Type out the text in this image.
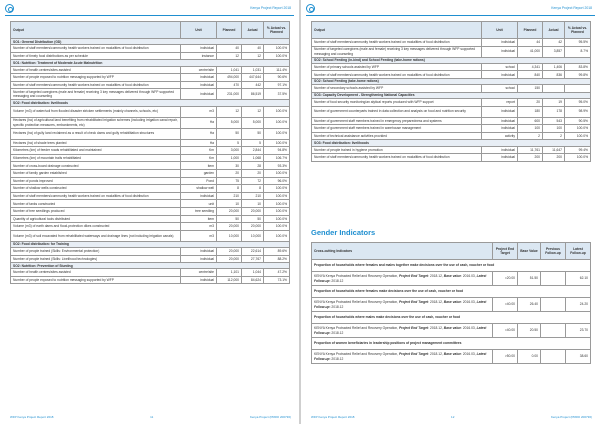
Kenya Project Report 2018
Output	Unit	Planned	Actual	% Actual vs. Planned
SO1: General Distribution (GD)				
Number of staff members/community health workers trained on modalities of food distribution	individual	40	40	100.0%
Number of timely food distributions as per schedule	instance	12	12	100.0%
SO1: Nutrition: Treatment of Moderate Acute Malnutrition				
Number of health centres/sites assisted	centre/site	1,041	1,031	111.4%
Number of people exposed to nutrition messaging supported by WFP	individual	494,000	447,644	90.6%
Number of staff members/community health workers trained on modalities of food distribution	individual	470	442	97.1%
Number of targeted caregivers (male and female) receiving 3 key messages delivered through WFP supported messaging and counseling	individual	231,000	86,519	37.5%
SO2: Food distribution: livelihoods				
Volume (m3) of water/soil from flooded disaster stricken settlements (mainly channels, schools, etc)	m3	12	12	100.0%
Hectares (ha) of agricultural land benefiting from rehabilitated irrigation schemes (including irrigation canal repair, specific protection measures, embankments, etc)	Ha	5,000	5,000	100.0%
Hectares (ha) of gully land reclaimed as a result of check dams and gully rehabilitation structures	Ha	50	50	100.0%
Hectares (ha) of shade trees planted	Ha	5	5	100.0%
Kilometres (km) of feeder roads rehabilitated and maintained	Km	3,000	2,844	94.8%
Kilometres (km) of mountain trails rehabilitated	Km	1,000	1,068	106.7%
Number of cross-board drainage constructed	item	30	28	93.3%
Number of family garden established	garden	20	20	100.0%
Number of ponds improved	Pond	75	72	96.0%
Number of shallow wells constructed	shallow well	8	8	100.0%
Number of staff members/community health workers trained on modalities of food distribution	individual	210	210	100.0%
Number of tanks constructed	unit	10	10	100.0%
Number of tree seedlings produced	tree seedling	20,000	20,000	100.0%
Quantity of agricultural tools distributed	item	50	50	100.0%
Volume (m3) of earth dams and flood-protection dikes constructed	m3	20,000	20,000	100.0%
Volume (m3) of soil excavated from rehabilitated waterways and drainage lines (not including irrigation canals)	m3	10,000	10,000	100.0%
SO2: Food distribution: for Training				
Number of people trained (Skills: Environmental protection)	individual	20,000	22,614	89.6%
Number of people trained (Skills: Livelihood technologies)	individual	20,000	27,767	88.2%
SO2: Nutrition: Prevention of Stunting				
Number of health centres/sites assisted	centre/site	1,101	1,044	47.2%
Number of people exposed to nutrition messaging supported by WFP	individual	112,000	84,624	73.1%
WFP Kenya Project Report 2018	11	Kenya Project (PRRO 200736)
Kenya Project Report 2018
Output	Unit	Planned	Actual	% Actual vs. Planned
Number of staff members/community health workers trained on modalities of food distribution	individual	44	42	95.5%
Number of targeted caregivers (male and female) receiving 3 key messages delivered through WFP supported messaging and counseling	individual	41,000	3,857	8.7%
SO2: School Feeding (in-kind) and School Feeding (take-home rations)				
Number of primary schools assisted by WFP	school	4,341	1,406	83.8%
Number of staff members/community health workers trained on modalities of food distribution	individual	840	836	99.8%
SO2: School Feeding (take-home rations)				
Number of secondary schools assisted by WFP	school	150		
SO3: Capacity Development - Strengthening National Capacities				
Number of food security monitoring/an alytical reports produced with WFP support	report	20	19	95.0%
Number of government counterparts trained in data collection and analysis on food and nutrition security	individual	180	178	98.9%
Number of government staff members trained in emergency preparedness and systems	individual	600	543	90.5%
Number of government staff members trained in warehouse management	individual	100	100	100.0%
Number of technical assistance activities provided	activity	2	2	100.0%
SO3: Food distribution: livelihoods				
Number of people trained in hygiene promotion	individual	11,761	11,647	99.4%
Number of staff members/community health workers trained on modalities of food distribution	individual	200	200	100.0%
Gender Indicators
Cross-cutting Indicators	Project End Target	Base Value	Previous Follow-up	Latest Follow-up
Proportion of households where females and males together make decisions over the use of cash, voucher or food				
KENYA Kenya Protracted Relief and Recovery Operation, Project End Target: 2018.12, Base value: 2016.03, Latest Follow-up: 2018.12	=20.00	51.50		62.10
Proportion of households where females make decisions over the use of cash, voucher or food				
KENYA Kenya Protracted Relief and Recovery Operation, Project End Target: 2018.12, Base value: 2016.03, Latest Follow-up: 2018.12	=40.00	26.40		24.20
Proportion of households where males make decisions over the use of cash, voucher or food				
KENYA Kenya Protracted Relief and Recovery Operation, Project End Target: 2018.12, Base value: 2016.03, Latest Follow-up: 2018.12	=40.00	20.50		23.70
Proportion of women beneficiaries in leadership positions of project management committees				
KENYA Kenya Protracted Relief and Recovery Operation, Project End Target: 2018.12, Base value: 2016.03, Latest Follow-up: 2018.12	>50.00	0.00		38.60
WFP Kenya Project Report 2018	12	Kenya Project (PRRO 200736)
